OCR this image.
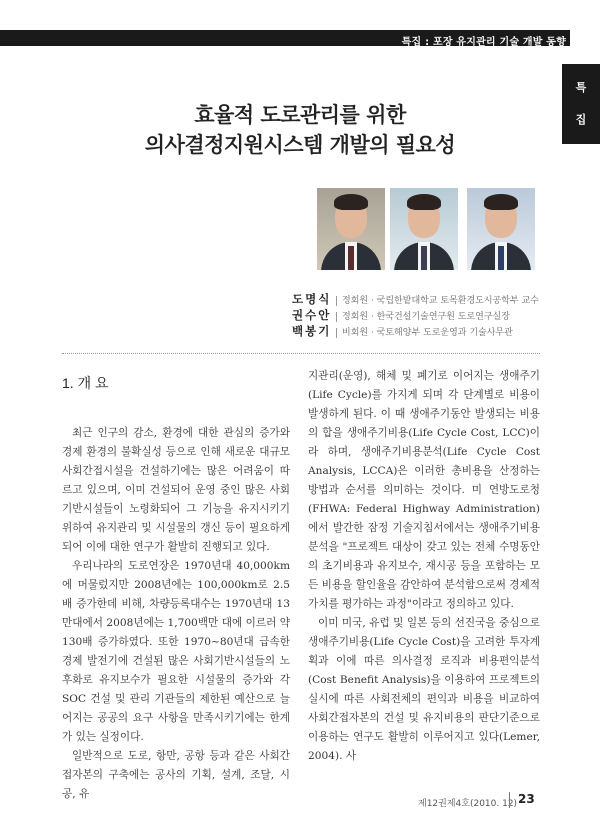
특집 : 포장 유지관리 기술 개발 동향
특
집
효율적 도로관리를 위한
의사결정지원시스템 개발의 필요성
도명식 정회원 · 국립한밭대학교 토목환경도시공학부 교수
권수안 정회원 · 한국건설기술연구원 도로연구실장
백봉기 비회원 · 국토해양부 도로운영과 기술사무관
1. 개 요

최근 인구의 감소, 환경에 대한 관심의 증가와 경제 환경의 불확실성 등으로 인해 새로운 대규모 사회간접시설을 건설하기에는 많은 어려움이 따르고 있으며, 이미 건설되어 운영 중인 많은 사회기반시설들이 노령화되어 그 기능을 유지시키기 위하여 유지관리 및 시설물의 갱신 등이 필요하게 되어 이에 대한 연구가 활발히 진행되고 있다.

우리나라의 도로연장은 1970년대 40,000km에 머물렀지만 2008년에는 100,000km로 2.5배 증가한데 비해, 차량등록대수는 1970년대 13만대에서 2008년에는 1,700백만 대에 이르러 약 130배 증가하였다. 또한 1970~80년대 급속한 경제 발전기에 건설된 많은 사회기반시설들의 노후화로 유지보수가 필요한 시설물의 증가와 각 SOC 건설 및 관리 기관들의 제한된 예산으로 늘어지는 공공의 요구 사항을 만족시키기에는 한계가 있는 실정이다.

일반적으로 도로, 항만, 공항 등과 같은 사회간접자본의 구축에는 공사의 기획, 설계, 조달, 시공, 유

지관리(운영), 해체 및 폐기로 이어지는 생애주기(Life Cycle)를 가지게 되며 각 단계별로 비용이 발생하게 된다. 이 때 생애주기동안 발생되는 비용의 합을 생애주기비용(Life Cycle Cost, LCC)이라 하며, 생애주기비용분석(Life Cycle Cost Analysis, LCCA)은 이러한 총비용을 산정하는 방법과 순서를 의미하는 것이다. 미 연방도로청(FHWA: Federal Highway Administration)에서 발간한 잠정 기술지침서에서는 생애주기비용분석을 "프로젝트 대상이 갖고 있는 전체 수명동안의 초기비용과 유지보수, 재시공 등을 포함하는 모든 비용을 할인율을 감안하여 분석함으로써 경제적 가치를 평가하는 과정"이라고 정의하고 있다.

이미 미국, 유럽 및 일본 등의 선진국을 중심으로 생애주기비용(Life Cycle Cost)을 고려한 투자계획과 이에 따른 의사결정 로직과 비용편익분석(Cost Benefit Analysis)을 이용하여 프로젝트의 실시에 따른 사회전체의 편익과 비용을 비교하여 사회간접자본의 건설 및 유지비용의 판단기준으로 이용하는 연구도 활발히 이루어지고 있다(Lemer, 2004). 사

제12권제4호(2010. 12) 23
